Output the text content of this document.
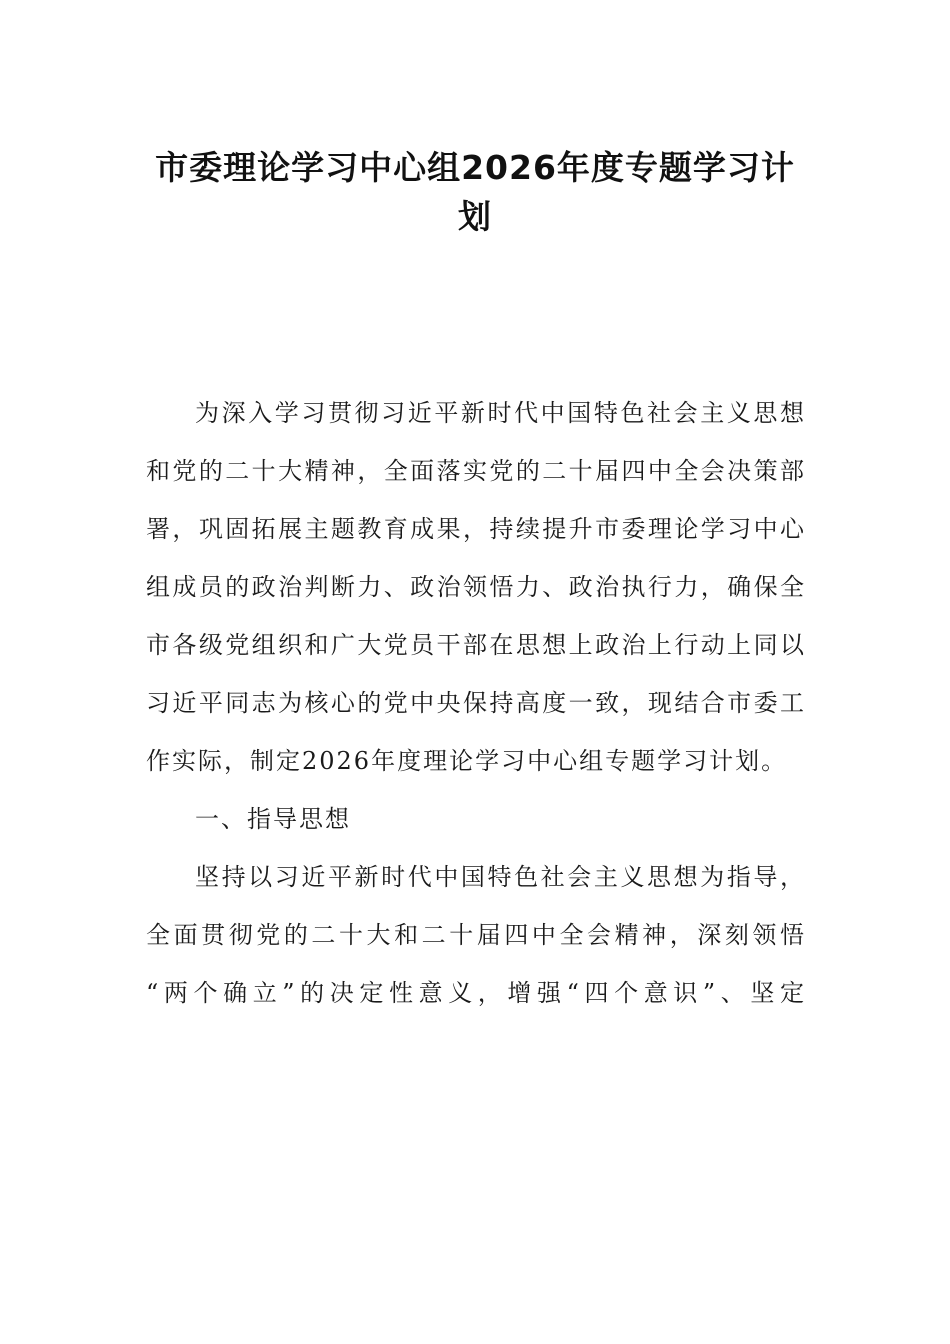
市委理论学习中心组2026年度专题学习计
划
为深入学习贯彻习近平新时代中国特色社会主义思想
和党的二十大精神，全面落实党的二十届四中全会决策部
署，巩固拓展主题教育成果，持续提升市委理论学习中心
组成员的政治判断力、政治领悟力、政治执行力，确保全
市各级党组织和广大党员干部在思想上政治上行动上同以
习近平同志为核心的党中央保持高度一致，现结合市委工
作实际，制定2026年度理论学习中心组专题学习计划。
一、指导思想
坚持以习近平新时代中国特色社会主义思想为指导，
全面贯彻党的二十大和二十届四中全会精神，深刻领悟
“两个确立”的决定性意义，增强“四个意识”、坚定
